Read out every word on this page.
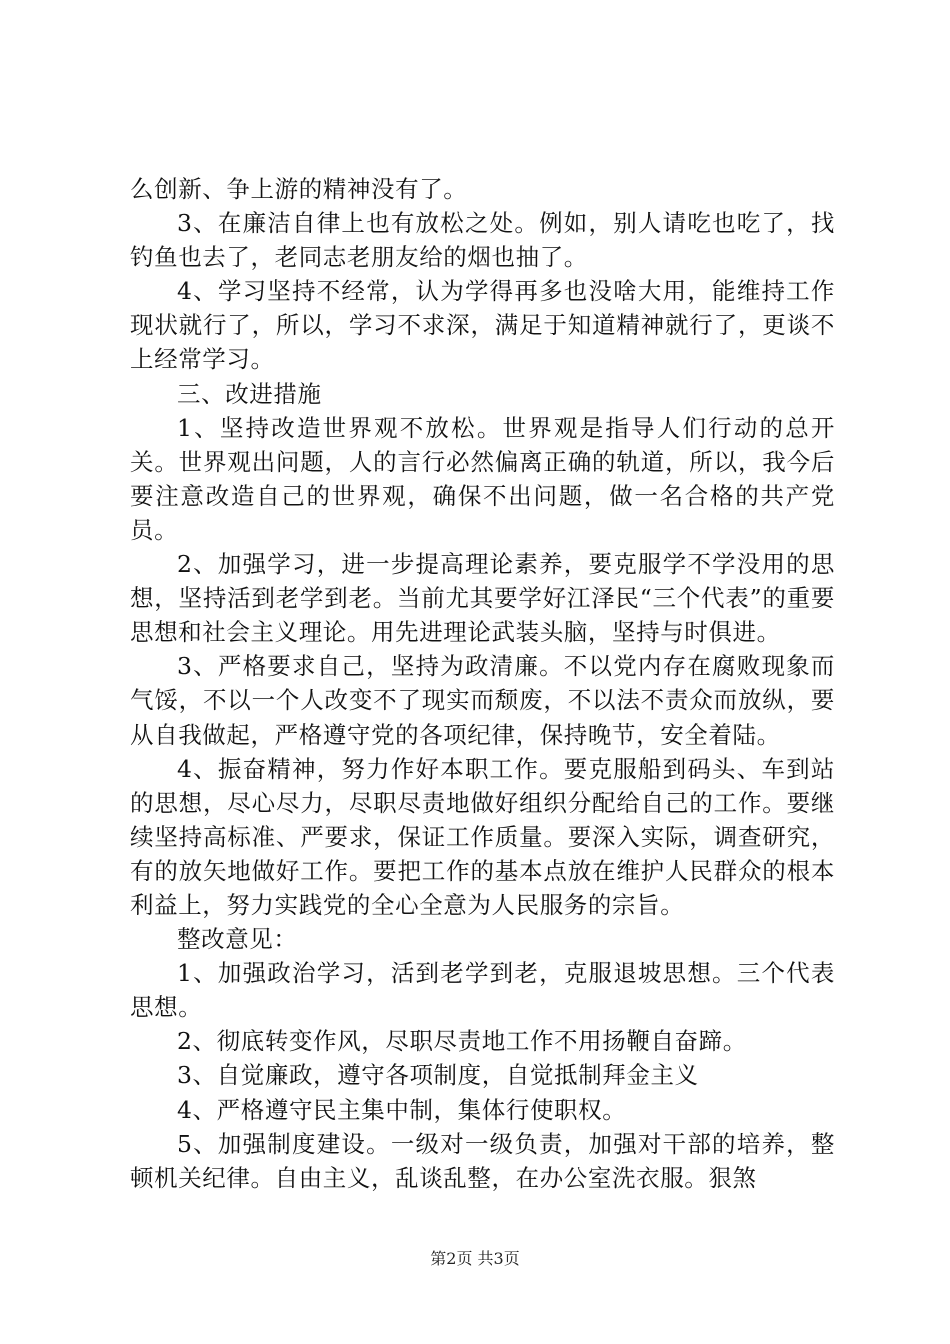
么创新、争上游的精神没有了。

3、在廉洁自律上也有放松之处。例如，别人请吃也吃了，找钓鱼也去了，老同志老朋友给的烟也抽了。

4、学习坚持不经常，认为学得再多也没啥大用，能维持工作现状就行了，所以，学习不求深，满足于知道精神就行了，更谈不上经常学习。

三、改进措施

1、坚持改造世界观不放松。世界观是指导人们行动的总开关。世界观出问题，人的言行必然偏离正确的轨道，所以，我今后要注意改造自己的世界观，确保不出问题，做一名合格的共产党员。

2、加强学习，进一步提高理论素养，要克服学不学没用的思想，坚持活到老学到老。当前尤其要学好江泽民“三个代表”的重要思想和社会主义理论。用先进理论武装头脑，坚持与时俱进。

3、严格要求自己，坚持为政清廉。不以党内存在腐败现象而气馁，不以一个人改变不了现实而颓废，不以法不责众而放纵，要从自我做起，严格遵守党的各项纪律，保持晚节，安全着陆。

4、振奋精神，努力作好本职工作。要克服船到码头、车到站的思想，尽心尽力，尽职尽责地做好组织分配给自己的工作。要继续坚持高标准、严要求，保证工作质量。要深入实际，调查研究，有的放矢地做好工作。要把工作的基本点放在维护人民群众的根本利益上，努力实践党的全心全意为人民服务的宗旨。

整改意见：

1、加强政治学习，活到老学到老，克服退坡思想。三个代表思想。

2、彻底转变作风，尽职尽责地工作不用扬鞭自奋蹄。

3、自觉廉政，遵守各项制度，自觉抵制拜金主义

4、严格遵守民主集中制，集体行使职权。

5、加强制度建设。一级对一级负责，加强对干部的培养，整顿机关纪律。自由主义，乱谈乱整，在办公室洗衣服。狠煞

第2页 共3页
